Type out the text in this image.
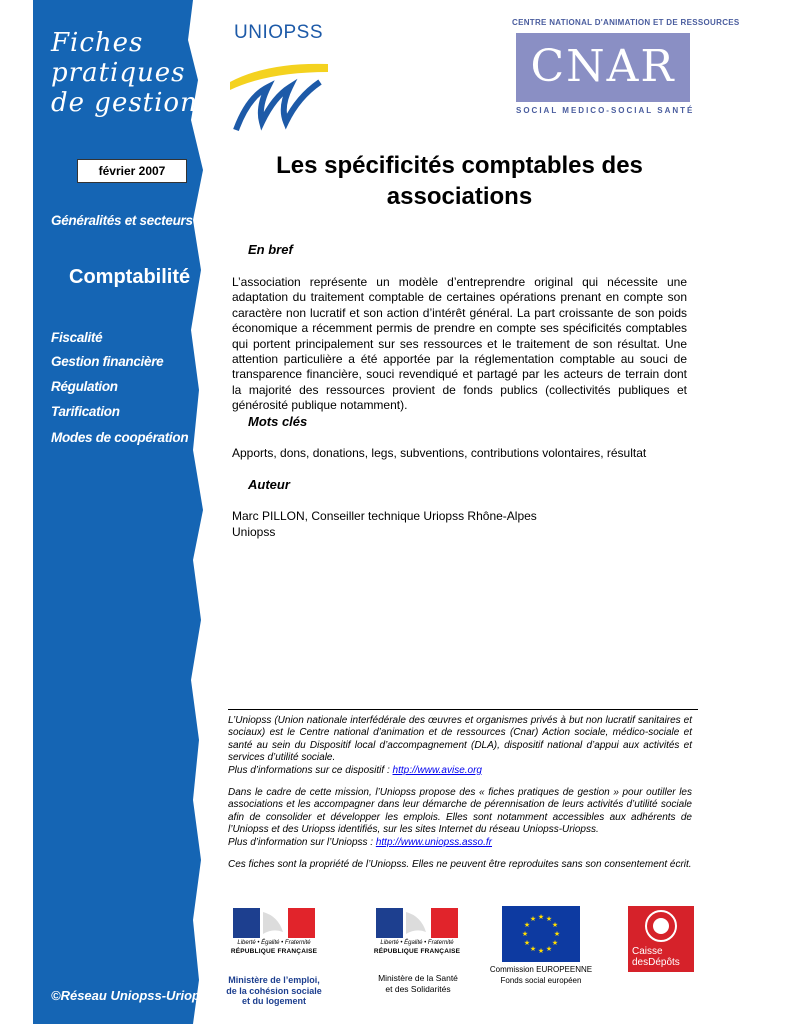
Fiches
pratiques
de gestion
février 2007
Généralités et secteurs
Comptabilité
Fiscalité
Gestion financière
Régulation
Tarification
Modes de coopération
©Réseau Uniopss-Uriopss
UNIOPSS	CENTRE NATIONAL D'ANIMATION ET DE RESSOURCES
CNAR
SOCIAL MEDICO-SOCIAL SANTÉ
Les spécificités comptables des associations
En bref
L’association représente un modèle d’entreprendre original qui nécessite une adaptation du traitement comptable de certaines opérations prenant en compte son caractère non lucratif et son action d’intérêt général. La part croissante de son poids économique a récemment permis de prendre en compte ses spécificités comptables qui portent principalement sur ses ressources et le traitement de son résultat. Une attention particulière a été apportée par la réglementation comptable au souci de transparence financière, souci revendiqué et partagé par les acteurs de terrain dont la majorité des ressources provient de fonds publics (collectivités publiques et générosité publique notamment).
Mots clés
Apports, dons, donations, legs, subventions, contributions volontaires, résultat
Auteur
Marc PILLON, Conseiller technique Uriopss Rhône-Alpes
Uniopss
L’Uniopss (Union nationale interfédérale des œuvres et organismes privés à but non lucratif sanitaires et sociaux) est le Centre national d’animation et de ressources (Cnar) Action sociale, médico-sociale et santé au sein du Dispositif local d’accompagnement (DLA), dispositif national d’appui aux activités et services d’utilité sociale.
Plus d’informations sur ce dispositif : http://www.avise.org
Dans le cadre de cette mission, l’Uniopss propose des « fiches pratiques de gestion » pour outiller les associations et les accompagner dans leur démarche de pérennisation de leurs activités d’utilité sociale afin de consolider et développer les emplois. Elles sont notamment accessibles aux adhérents de l’Uniopss et des Uriopss identifiés, sur les sites Internet du réseau Uniopss-Uriopss.
Plus d’information sur l’Uniopss : http://www.uniopss.asso.fr
Ces fiches sont la propriété de l’Uniopss. Elles ne peuvent être reproduites sans son consentement écrit.
Liberté • Égalité • Fraternité
RÉPUBLIQUE FRANÇAISE
Ministère de l’emploi,
de la cohésion sociale
et du logement
Liberté • Égalité • Fraternité
RÉPUBLIQUE FRANÇAISE
Ministère de la Santé
et des Solidarités
★ ★
★
★
★
★
★
★
★
★
★
★
Commission EUROPEENNE
Fonds social européen
Caisse
desDépôts
